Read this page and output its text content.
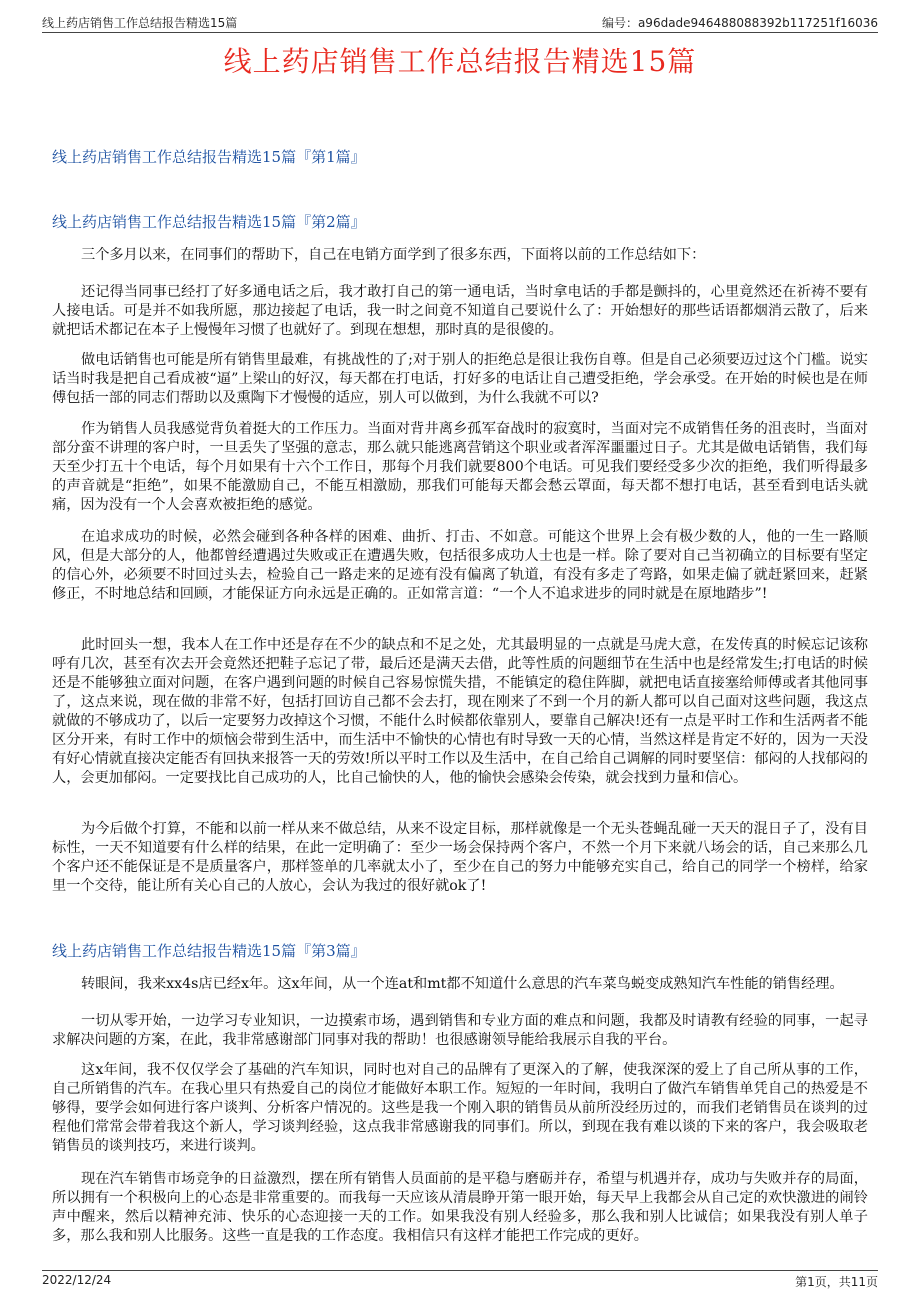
线上药店销售工作总结报告精选15篇	编号：a96dade946488088392b117251f16036
线上药店销售工作总结报告精选15篇
线上药店销售工作总结报告精选15篇『第1篇』
线上药店销售工作总结报告精选15篇『第2篇』

三个多月以来，在同事们的帮助下，自己在电销方面学到了很多东西，下面将以前的工作总结如下：

还记得当同事已经打了好多通电话之后，我才敢打自己的第一通电话，当时拿电话的手都是颤抖的，心里竟然还在祈祷不要有人接电话。可是并不如我所愿，那边接起了电话，我一时之间竟不知道自己要说什么了：开始想好的那些话语都烟消云散了，后来就把话术都记在本子上慢慢年习惯了也就好了。到现在想想，那时真的是很傻的。

做电话销售也可能是所有销售里最难，有挑战性的了;对于别人的拒绝总是很让我伤自尊。但是自己必须要迈过这个门槛。说实话当时我是把自己看成被“逼”上梁山的好汉，每天都在打电话，打好多的电话让自己遭受拒绝，学会承受。在开始的时候也是在师傅包括一部的同志们帮助以及熏陶下才慢慢的适应，别人可以做到，为什么我就不可以?

作为销售人员我感觉背负着挺大的工作压力。当面对背井离乡孤军奋战时的寂寞时，当面对完不成销售任务的沮丧时，当面对部分蛮不讲理的客户时，一旦丢失了坚强的意志，那么就只能逃离营销这个职业或者浑浑噩噩过日子。尤其是做电话销售，我们每天至少打五十个电话，每个月如果有十六个工作日，那每个月我们就要800个电话。可见我们要经受多少次的拒绝，我们听得最多的声音就是“拒绝”，如果不能激励自己，不能互相激励，那我们可能每天都会愁云罩面，每天都不想打电话，甚至看到电话头就痛，因为没有一个人会喜欢被拒绝的感觉。

在追求成功的时候，必然会碰到各种各样的困难、曲折、打击、不如意。可能这个世界上会有极少数的人，他的一生一路顺风，但是大部分的人，他都曾经遭遇过失败或正在遭遇失败，包括很多成功人士也是一样。除了要对自己当初确立的目标要有坚定的信心外，必须要不时回过头去，检验自己一路走来的足迹有没有偏离了轨道，有没有多走了弯路，如果走偏了就赶紧回来，赶紧修正，不时地总结和回顾，才能保证方向永远是正确的。正如常言道：“一个人不追求进步的同时就是在原地踏步”!

此时回头一想，我本人在工作中还是存在不少的缺点和不足之处，尤其最明显的一点就是马虎大意，在发传真的时候忘记该称呼有几次，甚至有次去开会竟然还把鞋子忘记了带，最后还是满天去借，此等性质的问题细节在生活中也是经常发生;打电话的时候还是不能够独立面对问题，在客户遇到问题的时候自己容易惊慌失措，不能镇定的稳住阵脚，就把电话直接塞给师傅或者其他同事了，这点来说，现在做的非常不好，包括打回访自己都不会去打，现在刚来了不到一个月的新人都可以自己面对这些问题，我这点就做的不够成功了，以后一定要努力改掉这个习惯，不能什么时候都依靠别人，要靠自己解决!还有一点是平时工作和生活两者不能区分开来，有时工作中的烦恼会带到生活中，而生活中不愉快的心情也有时导致一天的心情，当然这样是肯定不好的，因为一天没有好心情就直接决定能否有回执来报答一天的劳效!所以平时工作以及生活中，在自己给自己调解的同时要坚信：郁闷的人找郁闷的人，会更加郁闷。一定要找比自己成功的人，比自己愉快的人，他的愉快会感染会传染，就会找到力量和信心。

为今后做个打算，不能和以前一样从来不做总结，从来不设定目标，那样就像是一个无头苍蝇乱碰一天天的混日子了，没有目标性，一天不知道要有什么样的结果，在此一定明确了：至少一场会保持两个客户，不然一个月下来就八场会的话，自己来那么几个客户还不能保证是不是质量客户，那样签单的几率就太小了，至少在自己的努力中能够充实自己，给自己的同学一个榜样，给家里一个交待，能让所有关心自己的人放心，会认为我过的很好就ok了!

线上药店销售工作总结报告精选15篇『第3篇』

转眼间，我来xx4s店已经x年。这x年间，从一个连at和mt都不知道什么意思的汽车菜鸟蜕变成熟知汽车性能的销售经理。

一切从零开始，一边学习专业知识，一边摸索市场，遇到销售和专业方面的难点和问题，我都及时请教有经验的同事，一起寻求解决问题的方案，在此，我非常感谢部门同事对我的帮助！也很感谢领导能给我展示自我的平台。

这x年间，我不仅仅学会了基础的汽车知识，同时也对自己的品牌有了更深入的了解，使我深深的爱上了自己所从事的工作，自己所销售的汽车。在我心里只有热爱自己的岗位才能做好本职工作。短短的一年时间，我明白了做汽车销售单凭自己的热爱是不够得，要学会如何进行客户谈判、分析客户情况的。这些是我一个刚入职的销售员从前所没经历过的，而我们老销售员在谈判的过程他们常常会带着我这个新人，学习谈判经验，这点我非常感谢我的同事们。所以，到现在我有难以谈的下来的客户，我会吸取老销售员的谈判技巧，来进行谈判。

现在汽车销售市场竞争的日益激烈，摆在所有销售人员面前的是平稳与磨砺并存，希望与机遇并存，成功与失败并存的局面，所以拥有一个积极向上的心态是非常重要的。而我每一天应该从清晨睁开第一眼开始，每天早上我都会从自己定的欢快激进的闹铃声中醒来，然后以精神充沛、快乐的心态迎接一天的工作。如果我没有别人经验多，那么我和别人比诚信；如果我没有别人单子多，那么我和别人比服务。这些一直是我的工作态度。我相信只有这样才能把工作完成的更好。

2022/12/24	第1页，共11页
